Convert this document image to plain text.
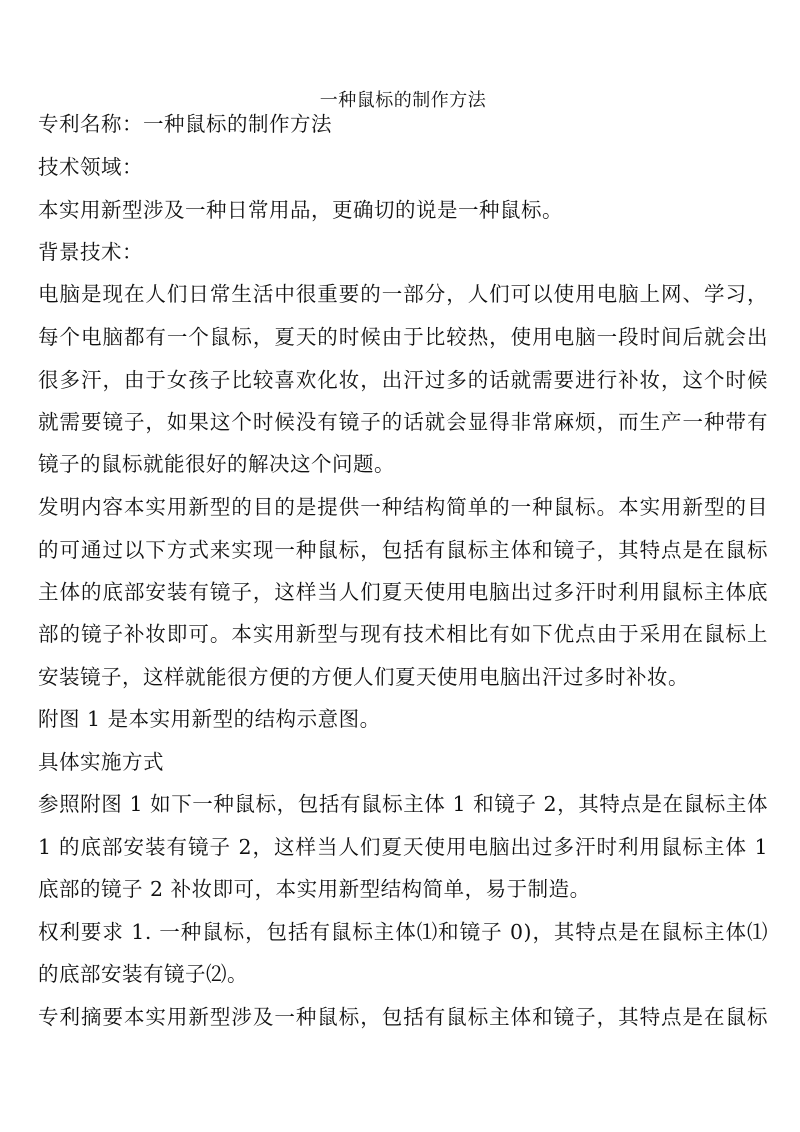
一种鼠标的制作方法
专利名称：一种鼠标的制作方法
技术领域：
本实用新型涉及一种日常用品，更确切的说是一种鼠标。
背景技术：
电脑是现在人们日常生活中很重要的一部分，人们可以使用电脑上网、学习，
每个电脑都有一个鼠标，夏天的时候由于比较热，使用电脑一段时间后就会出
很多汗，由于女孩子比较喜欢化妆，出汗过多的话就需要进行补妆，这个时候
就需要镜子，如果这个时候没有镜子的话就会显得非常麻烦，而生产一种带有
镜子的鼠标就能很好的解决这个问题。
发明内容本实用新型的目的是提供一种结构简单的一种鼠标。本实用新型的目
的可通过以下方式来实现一种鼠标，包括有鼠标主体和镜子，其特点是在鼠标
主体的底部安装有镜子，这样当人们夏天使用电脑出过多汗时利用鼠标主体底
部的镜子补妆即可。本实用新型与现有技术相比有如下优点由于采用在鼠标上
安装镜子，这样就能很方便的方便人们夏天使用电脑出汗过多时补妆。
附图 1 是本实用新型的结构示意图。
具体实施方式
参照附图 1 如下一种鼠标，包括有鼠标主体 1 和镜子 2，其特点是在鼠标主体
1 的底部安装有镜子 2，这样当人们夏天使用电脑出过多汗时利用鼠标主体 1
底部的镜子 2 补妆即可，本实用新型结构简单，易于制造。
权利要求 1. 一种鼠标，包括有鼠标主体⑴和镜子 0)，其特点是在鼠标主体⑴
的底部安装有镜子⑵。
专利摘要本实用新型涉及一种鼠标，包括有鼠标主体和镜子，其特点是在鼠标
